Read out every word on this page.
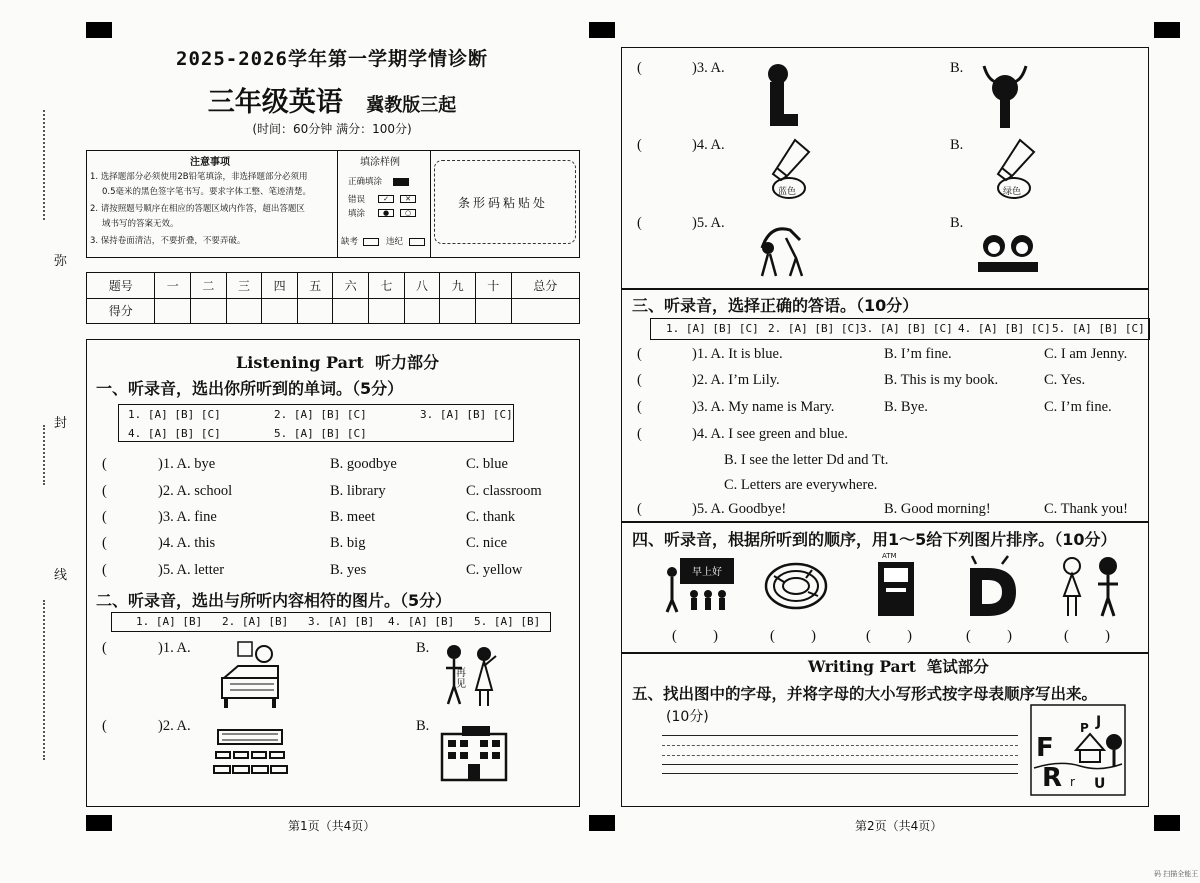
弥
封
线
2025-2026学年第一学期学情诊断
三年级英语 冀教版三起
(时间：60分钟 满分：100分)
注意事项
1. 选择题部分必须使用2B铅笔填涂，非选择题部分必须用
0.5毫米的黑色签字笔书写。要求字体工整、笔迹清楚。
2. 请按照题号顺序在相应的答题区域内作答，超出答题区
域书写的答案无效。
3. 保持卷面清洁，不要折叠，不要弄破。
填涂样例
正确填涂
错误
填涂
✓	✕
●	○
缺考	违纪
条形码粘贴处
题号	一	二	三	四	五	六	七	八	九	十	总分
得分											
Listening Part  听力部分
一、听录音，选出你所听到的单词。（5分）
1. [A] [B] [C]	2. [A] [B] [C]	3. [A] [B] [C]
4. [A] [B] [C]	5. [A] [B] [C]
(	)1. A. bye	B. goodbye	C. blue
(	)2. A. school	B. library	C. classroom
(	)3. A. fine	B. meet	C. thank
(	)4. A. this	B. big	C. nice
(	)5. A. letter	B. yes	C. yellow
二、听录音，选出与所听内容相符的图片。（5分）
1. [A] [B] 2. [A] [B] 3. [A] [B] 4. [A] [B] 5. [A] [B]
(	)1. A.	B.
再见
(	)2. A.	B.
第1页（共4页）
(	)3. A.	B.
(	)4. A.	B.
蓝色	绿色
(	)5. A.	B.
三、听录音，选择正确的答语。（10分）
1. [A] [B] [C] 2. [A] [B] [C] 3. [A] [B] [C] 4. [A] [B] [C] 5. [A] [B] [C]
(	)1. A. It is blue.	B. I’m fine.	C. I am Jenny.
(	)2. A. I’m Lily.	B. This is my book.	C. Yes.
(	)3. A. My name is Mary.	B. Bye.	C. I’m fine.
(	)4. A. I see green and blue.
B. I see the letter Dd and Tt.
C. Letters are everywhere.
(	)5. A. Goodbye!	B. Good morning!	C. Thank you!
四、听录音，根据所听到的顺序，用1～5给下列图片排序。（10分）
早上好
ATM
(          )	(          )	(          )	(          )	(          )
Writing Part  笔试部分
五、找出图中的字母，并将字母的大小写形式按字母表顺序写出来。
(10分)
F
R
P J
r U
第2页（共4页）
码 扫描全能王
